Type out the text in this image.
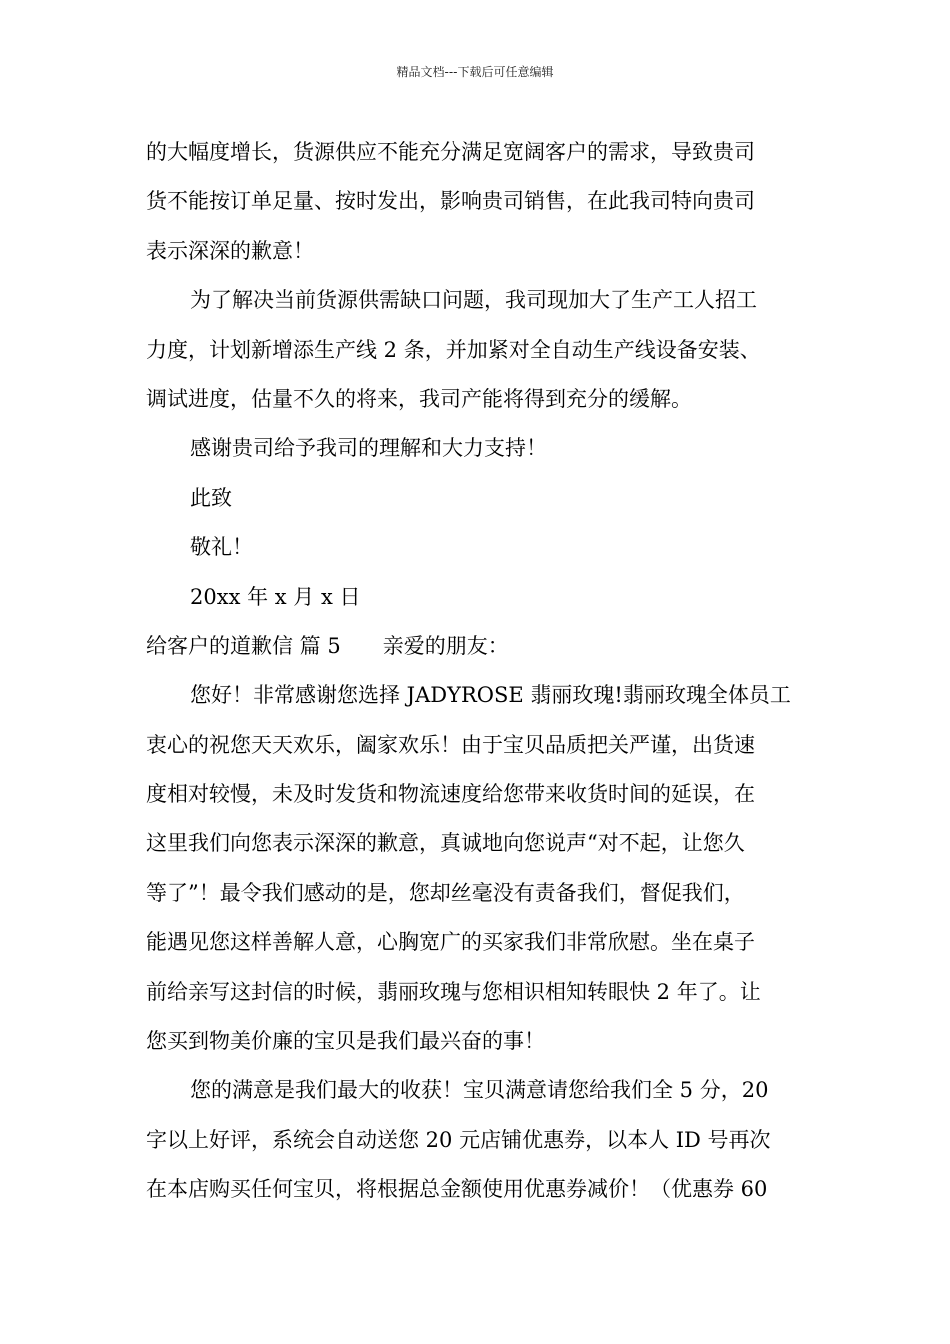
精品文档---下载后可任意编辑
的大幅度增长，货源供应不能充分满足宽阔客户的需求，导致贵司
货不能按订单足量、按时发出，影响贵司销售，在此我司特向贵司
表示深深的歉意！
为了解决当前货源供需缺口问题，我司现加大了生产工人招工
力度，计划新增添生产线 2 条，并加紧对全自动生产线设备安装、
调试进度，估量不久的将来，我司产能将得到充分的缓解。
感谢贵司给予我司的理解和大力支持！
此致
敬礼！
20xx 年 x 月 x 日
给客户的道歉信 篇 5 亲爱的朋友：
您好！非常感谢您选择 JADYROSE 翡丽玫瑰!翡丽玫瑰全体员工
衷心的祝您天天欢乐，阖家欢乐！由于宝贝品质把关严谨，出货速
度相对较慢，未及时发货和物流速度给您带来收货时间的延误，在
这里我们向您表示深深的歉意，真诚地向您说声“对不起，让您久
等了”！最令我们感动的是，您却丝毫没有责备我们，督促我们，
能遇见您这样善解人意，心胸宽广的买家我们非常欣慰。坐在桌子
前给亲写这封信的时候，翡丽玫瑰与您相识相知转眼快 2 年了。让
您买到物美价廉的宝贝是我们最兴奋的事！
您的满意是我们最大的收获！宝贝满意请您给我们全 5 分，20
字以上好评，系统会自动送您 20 元店铺优惠券，以本人 ID 号再次
在本店购买任何宝贝，将根据总金额使用优惠券减价！（优惠券 60
